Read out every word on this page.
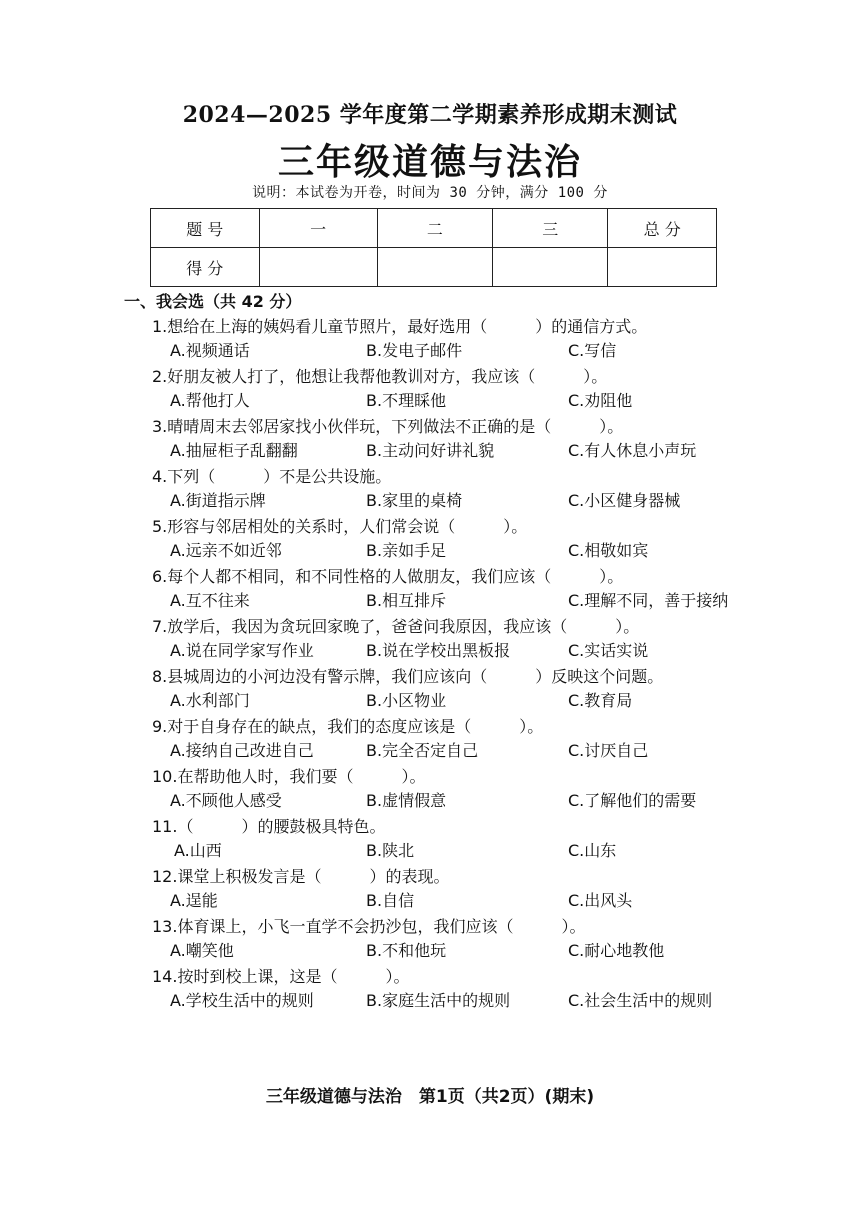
2024—2025 学年度第二学期素养形成期末测试
三年级道德与法治
说明：本试卷为开卷，时间为 30 分钟，满分 100 分
题 号	一	二	三	总 分
得 分				
一、我会选（共 42 分）
1.想给在上海的姨妈看儿童节照片，最好选用（　　　）的通信方式。
A.视频通话	B.发电子邮件	C.写信
2.好朋友被人打了，他想让我帮他教训对方，我应该（　　　）。
A.帮他打人	B.不理睬他	C.劝阻他
3.晴晴周末去邻居家找小伙伴玩，下列做法不正确的是（　　　）。
A.抽屉柜子乱翻翻	B.主动问好讲礼貌	C.有人休息小声玩
4.下列（　　　）不是公共设施。
A.街道指示牌	B.家里的桌椅	C.小区健身器械
5.形容与邻居相处的关系时，人们常会说（　　　）。
A.远亲不如近邻	B.亲如手足	C.相敬如宾
6.每个人都不相同，和不同性格的人做朋友，我们应该（　　　）。
A.互不往来	B.相互排斥	C.理解不同，善于接纳
7.放学后，我因为贪玩回家晚了，爸爸问我原因，我应该（　　　）。
A.说在同学家写作业	B.说在学校出黑板报	C.实话实说
8.县城周边的小河边没有警示牌，我们应该向（　　　）反映这个问题。
A.水利部门	B.小区物业	C.教育局
9.对于自身存在的缺点，我们的态度应该是（　　　）。
A.接纳自己改进自己	B.完全否定自己	C.讨厌自己
10.在帮助他人时，我们要（　　　）。
A.不顾他人感受	B.虚情假意	C.了解他们的需要
11.（　　　）的腰鼓极具特色。
A.山西	B.陕北	C.山东
12.课堂上积极发言是（　　　）的表现。
A.逞能	B.自信	C.出风头
13.体育课上，小飞一直学不会扔沙包，我们应该（　　　）。
A.嘲笑他	B.不和他玩	C.耐心地教他
14.按时到校上课，这是（　　　）。
A.学校生活中的规则	B.家庭生活中的规则	C.社会生活中的规则
三年级道德与法治　第1页（共2页）(期末)
